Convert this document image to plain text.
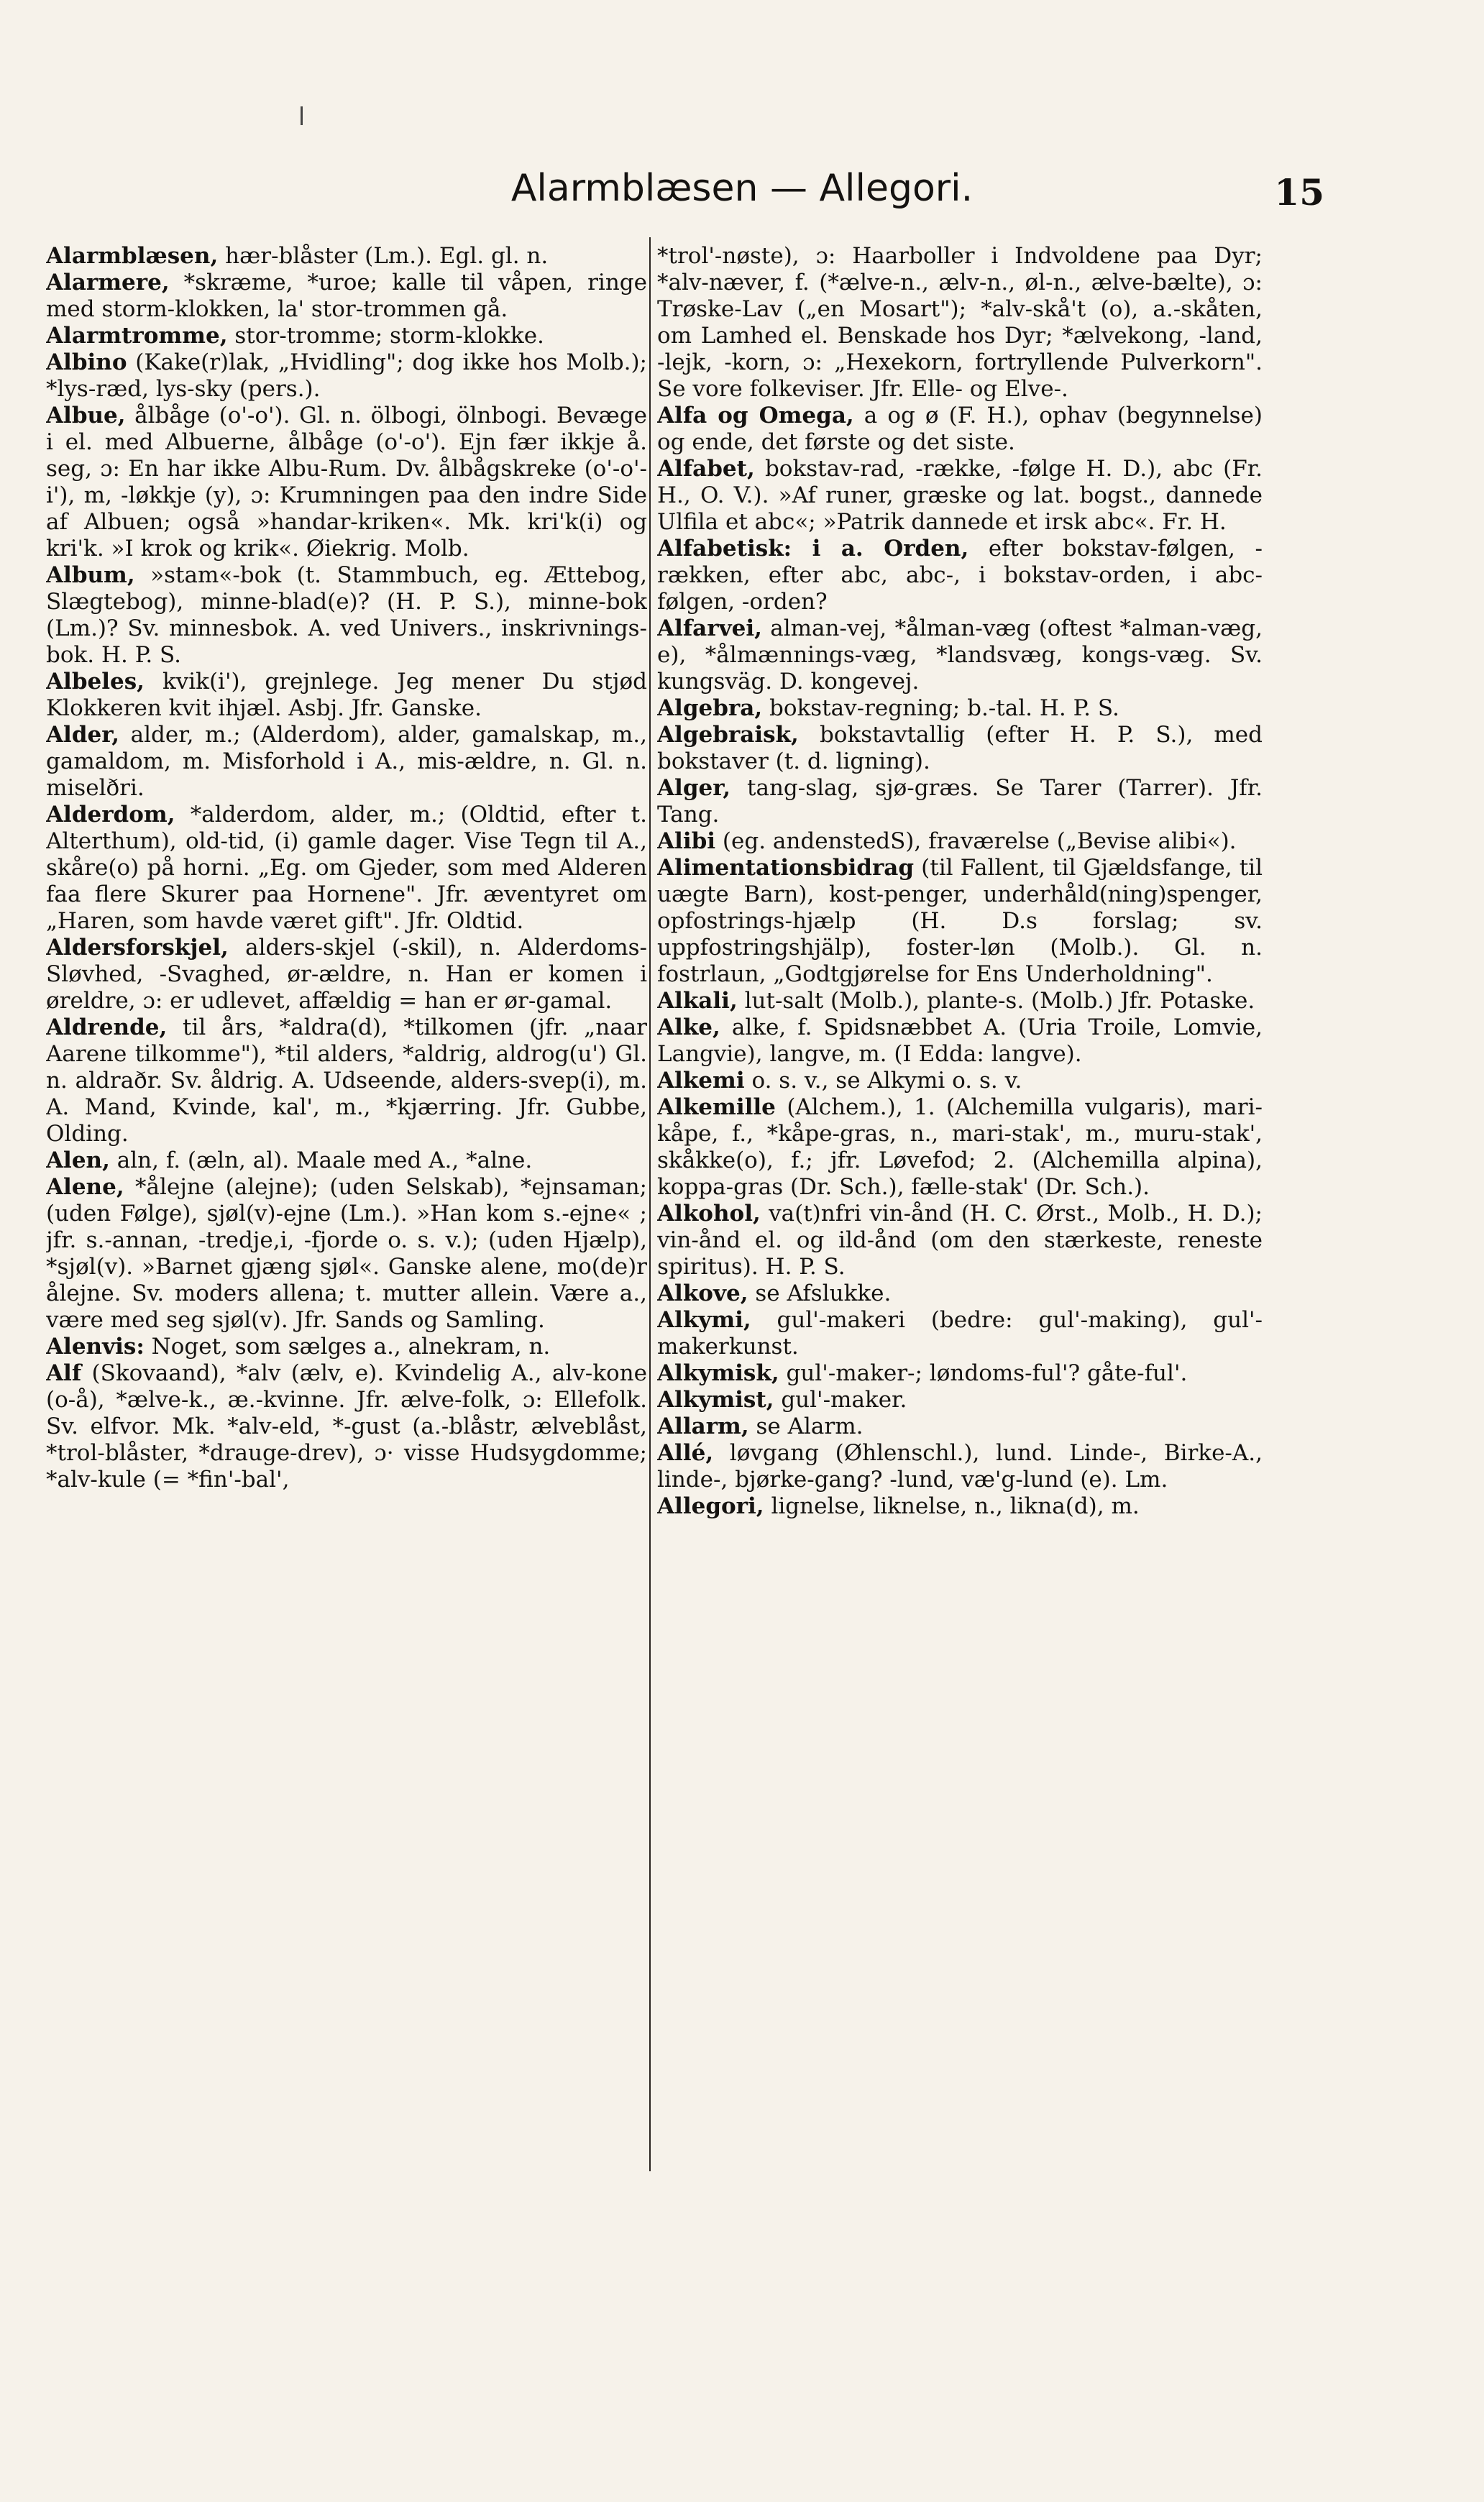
Alarmblæsen — Allegori.	15

Alarmblæsen, hær-blåster (Lm.). Egl. gl. n.

Alarmere, *skræme, *uroe; kalle til våpen, ringe med storm-klokken, la' stor-trommen gå.

Alarmtromme, stor-tromme; storm-klokke.

Albino (Kake(r)lak, „Hvidling"; dog ikke hos Molb.); *lys-ræd, lys-sky (pers.).

Albue, ålbåge (o'-o'). Gl. n. ölbogi, ölnbogi. Bevæge i el. med Albuerne, ålbåge (o'-o'). Ejn fær ikkje å. seg, ɔ: En har ikke Albu-Rum. Dv. ålbågskreke (o'-o'-i'), m, -løkkje (y), ɔ: Krumningen paa den indre Side af Albuen; også »handar-kriken«. Mk. kri'k(i) og kri'k. »I krok og krik«. Øiekrig. Molb.

Album, »stam«-bok (t. Stammbuch, eg. Ættebog, Slægtebog), minne-blad(e)? (H. P. S.), minne-bok (Lm.)? Sv. minnesbok. A. ved Univers., inskrivnings-bok. H. P. S.

Albeles, kvik(i'), grejnlege. Jeg mener Du stjød Klokkeren kvit ihjæl. Asbj. Jfr. Ganske.

Alder, alder, m.; (Alderdom), alder, gamalskap, m., gamaldom, m. Misforhold i A., mis-ældre, n. Gl. n. miselðri.

Alderdom, *alderdom, alder, m.; (Oldtid, efter t. Alterthum), old-tid, (i) gamle dager. Vise Tegn til A., skåre(o) på horni. „Eg. om Gjeder, som med Alderen faa flere Skurer paa Hornene". Jfr. æventyret om „Haren, som havde været gift". Jfr. Oldtid.

Aldersforskjel, alders-skjel (-skil), n. Alderdoms-Sløvhed, -Svaghed, ør-ældre, n. Han er komen i øreldre, ɔ: er udlevet, affældig = han er ør-gamal.

Aldrende, til års, *aldra(d), *tilkomen (jfr. „naar Aarene tilkomme"), *til alders, *aldrig, aldrog(u') Gl. n. aldraðr. Sv. åldrig. A. Udseende, alders-svep(i), m. A. Mand, Kvinde, kal', m., *kjærring. Jfr. Gubbe, Olding.

Alen, aln, f. (æln, al). Maale med A., *alne.

Alene, *ålejne (alejne); (uden Selskab), *ejnsaman; (uden Følge), sjøl(v)-ejne (Lm.). »Han kom s.-ejne« ; jfr. s.-annan, -tredje,i, -fjorde o. s. v.); (uden Hjælp), *sjøl(v). »Barnet gjæng sjøl«. Ganske alene, mo(de)r ålejne. Sv. moders allena; t. mutter allein. Være a., være med seg sjøl(v). Jfr. Sands og Samling.

Alenvis: Noget, som sælges a., alnekram, n.

Alf (Skovaand), *alv (ælv, e). Kvindelig A., alv-kone (o-å), *ælve-k., æ.-kvinne. Jfr. ælve-folk, ɔ: Ellefolk. Sv. elfvor. Mk. *alv-eld, *-gust (a.-blåstr, ælveblåst, *trol-blåster, *drauge-drev), ɔ· visse Hudsygdomme; *alv-kule (= *fin'-bal',

*trol'-nøste), ɔ: Haarboller i Indvoldene paa Dyr; *alv-næver, f. (*ælve-n., ælv-n., øl-n., ælve-bælte), ɔ: Trøske-Lav („en Mosart"); *alv-skå't (o), a.-skåten, om Lamhed el. Benskade hos Dyr; *ælvekong, -land, -lejk, -korn, ɔ: „Hexekorn, fortryllende Pulverkorn". Se vore folkeviser. Jfr. Elle- og Elve-.

Alfa og Omega, a og ø (F. H.), ophav (begynnelse) og ende, det første og det siste.

Alfabet, bokstav-rad, -række, -følge H. D.), abc (Fr. H., O. V.). »Af runer, græske og lat. bogst., dannede Ulfila et abc«; »Patrik dannede et irsk abc«. Fr. H.

Alfabetisk: i a. Orden, efter bokstav-følgen, -rækken, efter abc, abc-, i bokstav-orden, i abc-følgen, -orden?

Alfarvei, alman-vej, *ålman-væg (oftest *alman-væg, e), *ålmænnings-væg, *landsvæg, kongs-væg. Sv. kungsväg. D. kongevej.

Algebra, bokstav-regning; b.-tal. H. P. S.

Algebraisk, bokstavtallig (efter H. P. S.), med bokstaver (t. d. ligning).

Alger, tang-slag, sjø-græs. Se Tarer (Tarrer). Jfr. Tang.

Alibi (eg. andenstedS), fraværelse („Bevise alibi«).

Alimentationsbidrag (til Fallent, til Gjældsfange, til uægte Barn), kost-penger, underhåld(ning)spenger, opfostrings-hjælp (H. D.s forslag; sv. uppfostringshjälp), foster-løn (Molb.). Gl. n. fostrlaun, „Godtgjørelse for Ens Underholdning".

Alkali, lut-salt (Molb.), plante-s. (Molb.) Jfr. Potaske.

Alke, alke, f. Spidsnæbbet A. (Uria Troile, Lomvie, Langvie), langve, m. (I Edda: langve).

Alkemi o. s. v., se Alkymi o. s. v.

Alkemille (Alchem.), 1. (Alchemilla vulgaris), mari-kåpe, f., *kåpe-gras, n., mari-stak', m., muru-stak', skåkke(o), f.; jfr. Løvefod; 2. (Alchemilla alpina), koppa-gras (Dr. Sch.), fælle-stak' (Dr. Sch.).

Alkohol, va(t)nfri vin-ånd (H. C. Ørst., Molb., H. D.); vin-ånd el. og ild-ånd (om den stærkeste, reneste spiritus). H. P. S.

Alkove, se Afslukke.

Alkymi, gul'-makeri (bedre: gul'-making), gul'-makerkunst.

Alkymisk, gul'-maker-; løndoms-ful'? gåte-ful'.

Alkymist, gul'-maker.

Allarm, se Alarm.

Allé, løvgang (Øhlenschl.), lund. Linde-, Birke-A., linde-, bjørke-gang? -lund, væ'g-lund (e). Lm.

Allegori, lignelse, liknelse, n., likna(d), m.
